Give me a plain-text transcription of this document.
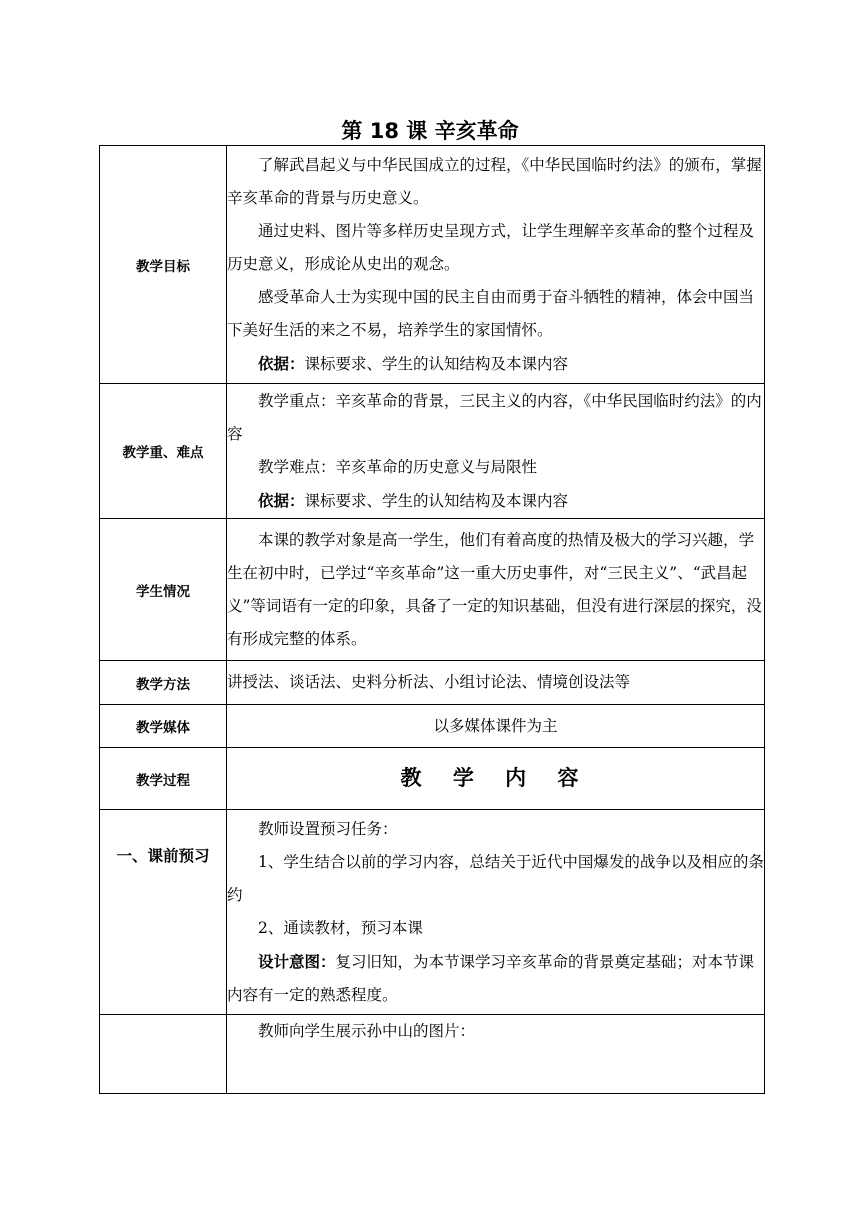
第 18 课 辛亥革命
教学目标	了解武昌起义与中华民国成立的过程，《中华民国临时约法》的颁布，掌握辛亥革命的背景与历史意义。

通过史料、图片等多样历史呈现方式，让学生理解辛亥革命的整个过程及历史意义，形成论从史出的观念。

感受革命人士为实现中国的民主自由而勇于奋斗牺牲的精神，体会中国当下美好生活的来之不易，培养学生的家国情怀。

依据：课标要求、学生的认知结构及本课内容

教学重、难点	教学重点：辛亥革命的背景，三民主义的内容，《中华民国临时约法》的内容

教学难点：辛亥革命的历史意义与局限性

依据：课标要求、学生的认知结构及本课内容

学生情况	本课的教学对象是高一学生，他们有着高度的热情及极大的学习兴趣，学生在初中时，已学过“辛亥革命”这一重大历史事件，对“三民主义”、“武昌起义”等词语有一定的印象，具备了一定的知识基础，但没有进行深层的探究，没有形成完整的体系。

教学方法	讲授法、谈话法、史料分析法、小组讨论法、情境创设法等

教学媒体	以多媒体课件为主

教学过程	教 学 内 容

一、课前预习	教师设置预习任务：

1、学生结合以前的学习内容，总结关于近代中国爆发的战争以及相应的条约

2、通读教材，预习本课

设计意图：复习旧知，为本节课学习辛亥革命的背景奠定基础；对本节课内容有一定的熟悉程度。

	教师向学生展示孙中山的图片：
